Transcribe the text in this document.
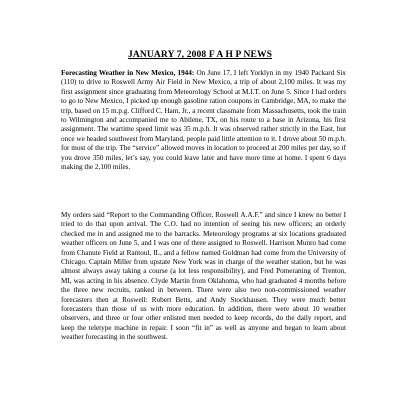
JANUARY 7, 2008 F A H P NEWS

Forecasting Weather in New Mexico, 1944: On June 17, I left Yorklyn in my 1940 Packard Six (110) to drive to Roswell Army Air Field in New Mexico, a trip of about 2,100 miles. It was my first assignment since graduating from Meteorology School at M.I.T. on June 5. Since I had orders to go to New Mexico, I picked up enough gasoline ration coupons in Cambridge, MA, to make the trip, based on 15 m.p.g. Clifford C. Ham, Jr., a recent classmate from Massachusetts, took the train to Wilmington and accompanied me to Abilene, TX, on his route to a base in Arizona, his first assignment. The wartime speed limit was 35 m.p.h. It was observed rather strictly in the East, but once we headed southwest from Maryland, people paid little attention to it. I drove about 50 m.p.h. for most of the trip. The “service” allowed moves in location to proceed at 200 miles per day, so if you drove 350 miles, let’s say, you could leave later and have more time at home. I spent 6 days making the 2,100 miles.

My orders said “Report to the Commanding Officer, Roswell A.A.F.” and since I knew no better I tried to do that upon arrival. The C.O. had no intention of seeing his new officers; an orderly checked me in and assigned me to the barracks. Meteorology programs at six locations graduated weather officers on June 5, and I was one of three assigned to Roswell. Harrison Munro had come from Chanute Field at Rantoul, IL, and a fellow named Goldman had come from the University of Chicago. Captain Miller from upstate New York was in charge of the weather station, but he was almost always away taking a course (a lot less responsibility), and Fred Pomeraning of Trenton, MI, was acting in his absence. Clyde Martin from Oklahoma, who had graduated 4 months before the three new recruits, ranked in between. There were also two non-commissioned weather forecasters then at Roswell: Robert Betts, and Andy Stockhausen. They were much better forecasters than those of us with more education. In addition, there were about 10 weather observers, and three or four other enlisted men needed to keep records, do the daily report, and keep the teletype machine in repair. I soon “fit in” as well as anyone and began to learn about weather forecasting in the southwest.
